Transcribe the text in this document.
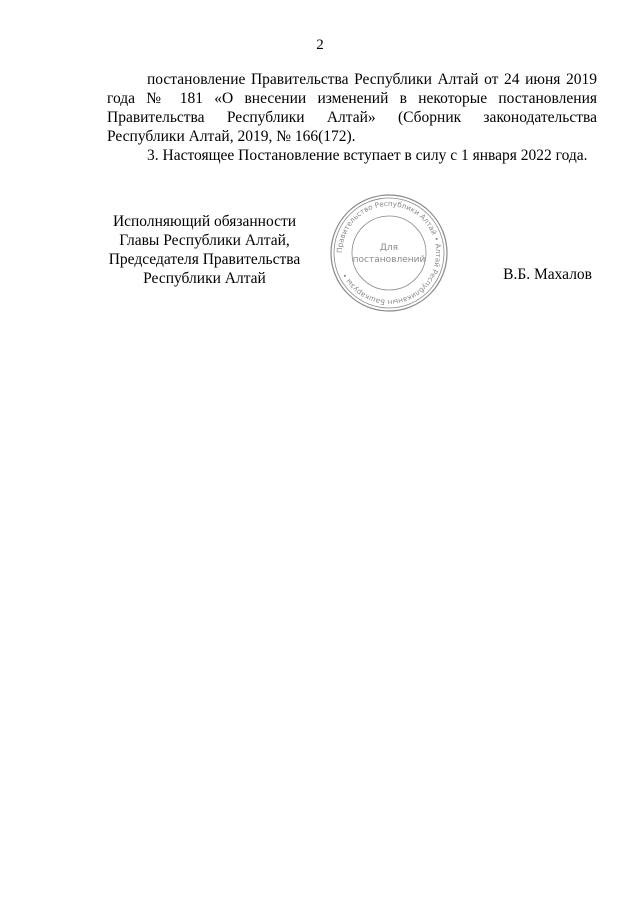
2

постановление Правительства Республики Алтай от 24 июня 2019 года № 181 «О внесении изменений в некоторые постановления Правительства Республики Алтай» (Сборник законодательства Республики Алтай, 2019, № 166(172).

3. Настоящее Постановление вступает в силу с 1 января 2022 года.

Исполняющий обязанности
Главы Республики Алтай,
Председателя Правительства
Республики Алтай
Правительство Республики Алтай • Алтай Республиканын Башкарузы •
Для
постановлений
В.Б. Махалов
